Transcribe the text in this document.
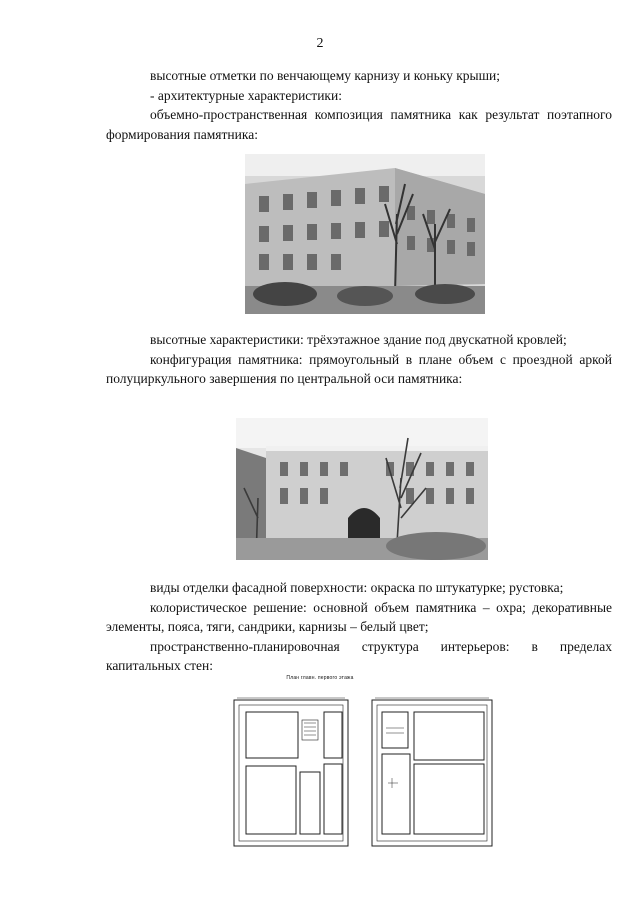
2

высотные отметки по венчающему карнизу и коньку крыши;

- архитектурные характеристики:

объемно-пространственная композиция памятника как результат поэтапного формирования памятника:

высотные характеристики: трёхэтажное здание под двускатной кровлей;

конфигурация памятника: прямоугольный в плане объем с проездной аркой полуциркульного завершения по центральной оси памятника:

виды отделки фасадной поверхности: окраска по штукатурке; рустовка;

колористическое решение: основной объем памятника – охра; декоративные элементы, пояса, тяги, сандрики, карнизы – белый цвет;

пространственно-планировочная структура интерьеров: в пределах капитальных стен:

План главн. первого этажа
